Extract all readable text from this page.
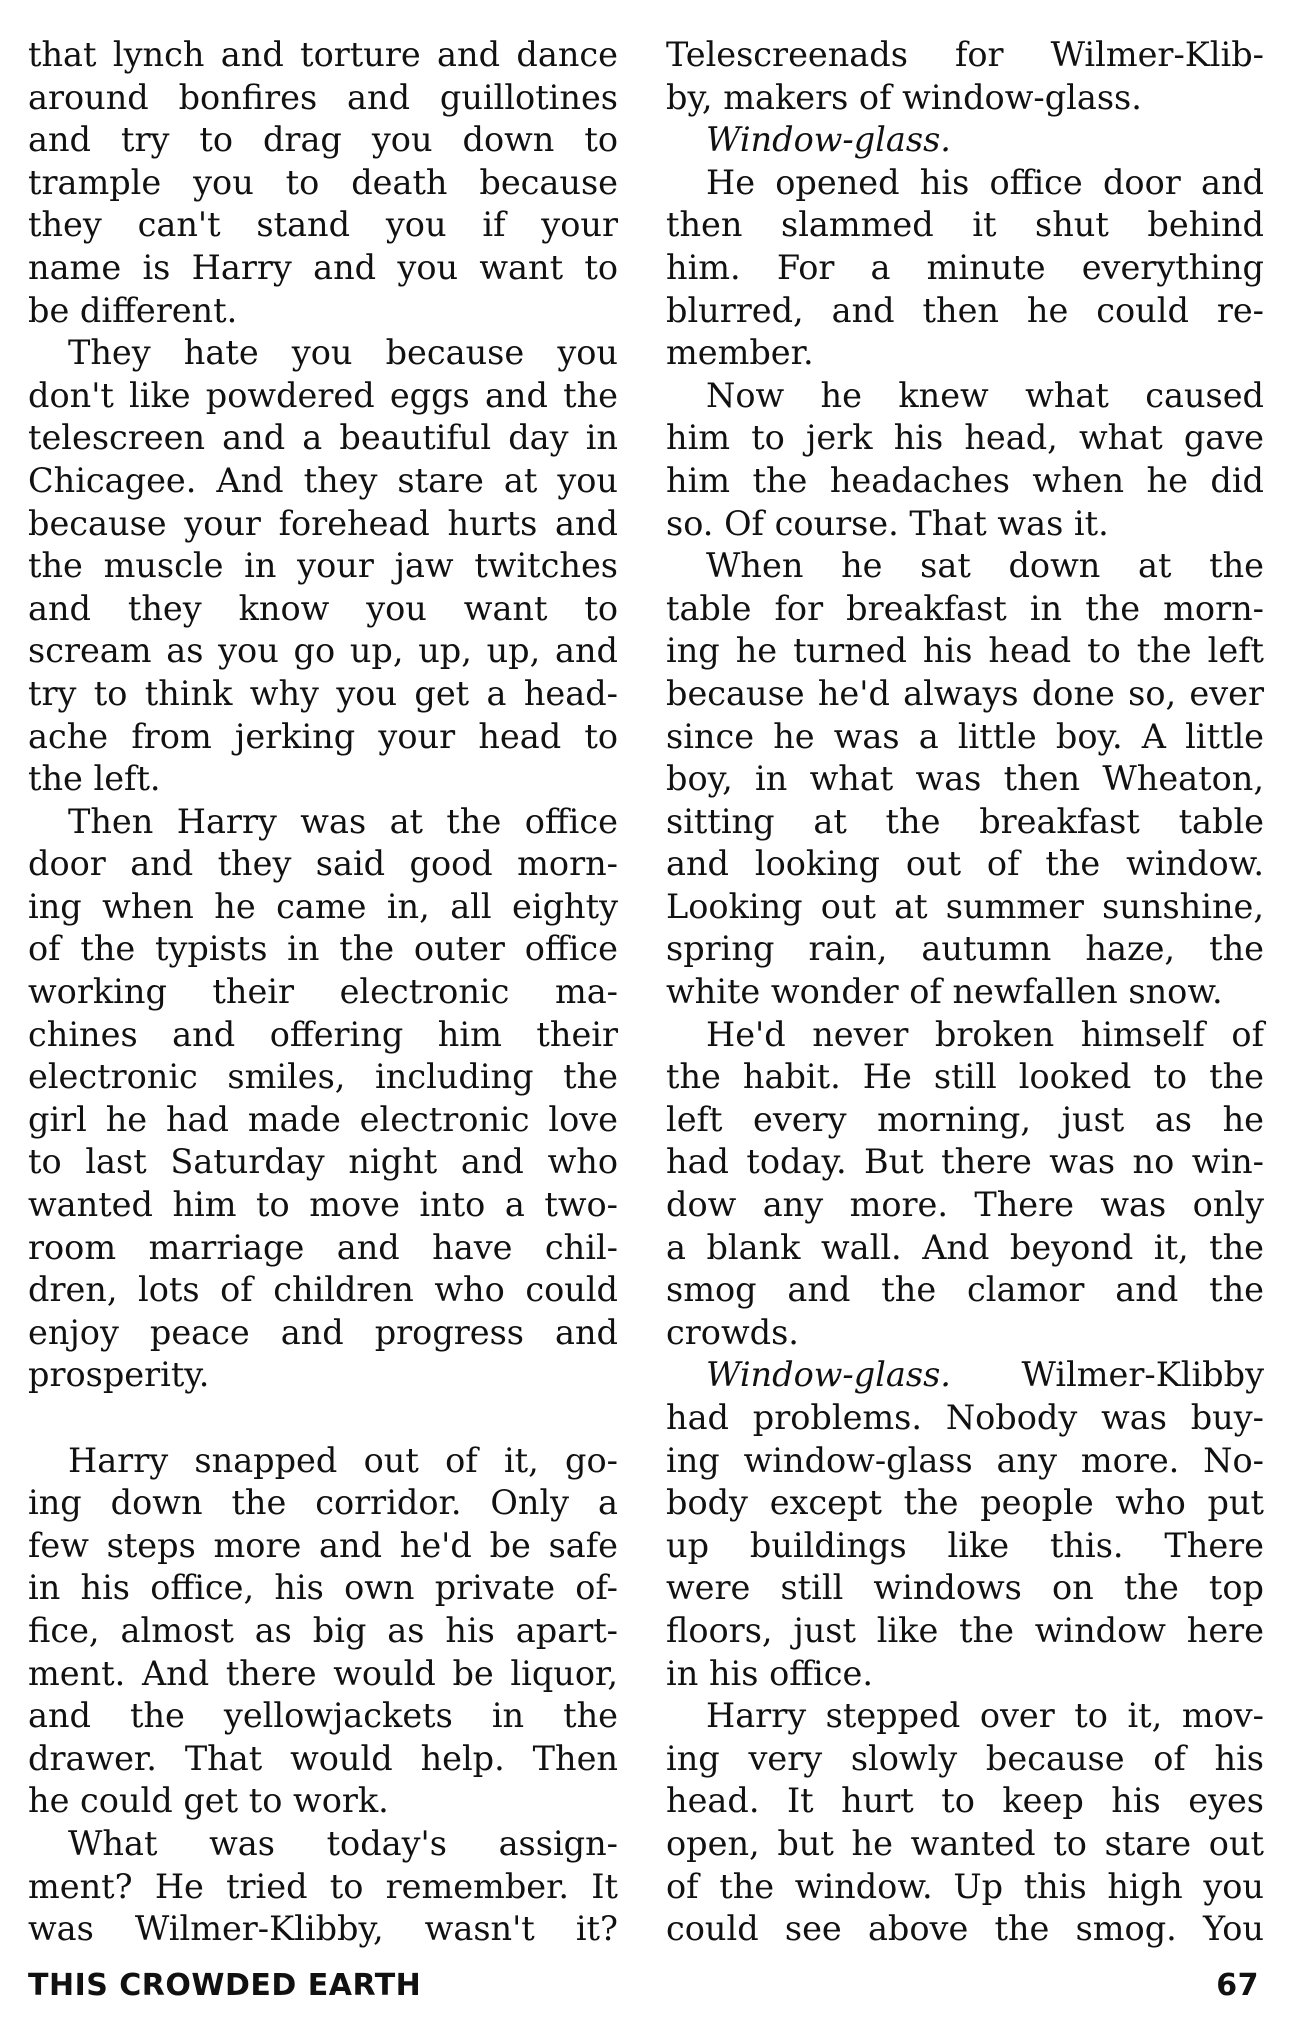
that lynch and torture and dance
around bonfires and guillotines
and try to drag you down to
trample you to death because
they can't stand you if your
name is Harry and you want to
be different.
They hate you because you
don't like powdered eggs and the
telescreen and a beautiful day in
Chicagee. And they stare at you
because your forehead hurts and
the muscle in your jaw twitches
and they know you want to
scream as you go up, up, up, and
try to think why you get a head-
ache from jerking your head to
the left.
Then Harry was at the office
door and they said good morn-
ing when he came in, all eighty
of the typists in the outer office
working their electronic ma-
chines and offering him their
electronic smiles, including the
girl he had made electronic love
to last Saturday night and who
wanted him to move into a two-
room marriage and have chil-
dren, lots of children who could
enjoy peace and progress and
prosperity.
Harry snapped out of it, go-
ing down the corridor. Only a
few steps more and he'd be safe
in his office, his own private of-
fice, almost as big as his apart-
ment. And there would be liquor,
and the yellowjackets in the
drawer. That would help. Then
he could get to work.
What was today's assign-
ment? He tried to remember. It
was Wilmer-Klibby, wasn't it?
Telescreenads for Wilmer-Klib-
by, makers of window-glass.
Window-glass.
He opened his office door and
then slammed it shut behind
him. For a minute everything
blurred, and then he could re-
member.
Now he knew what caused
him to jerk his head, what gave
him the headaches when he did
so. Of course. That was it.
When he sat down at the
table for breakfast in the morn-
ing he turned his head to the left
because he'd always done so, ever
since he was a little boy. A little
boy, in what was then Wheaton,
sitting at the breakfast table
and looking out of the window.
Looking out at summer sunshine,
spring rain, autumn haze, the
white wonder of newfallen snow.
He'd never broken himself of
the habit. He still looked to the
left every morning, just as he
had today. But there was no win-
dow any more. There was only
a blank wall. And beyond it, the
smog and the clamor and the
crowds.
Window-glass. Wilmer-Klibby
had problems. Nobody was buy-
ing window-glass any more. No-
body except the people who put
up buildings like this. There
were still windows on the top
floors, just like the window here
in his office.
Harry stepped over to it, mov-
ing very slowly because of his
head. It hurt to keep his eyes
open, but he wanted to stare out
of the window. Up this high you
could see above the smog. You
THIS CROWDED EARTH	67
